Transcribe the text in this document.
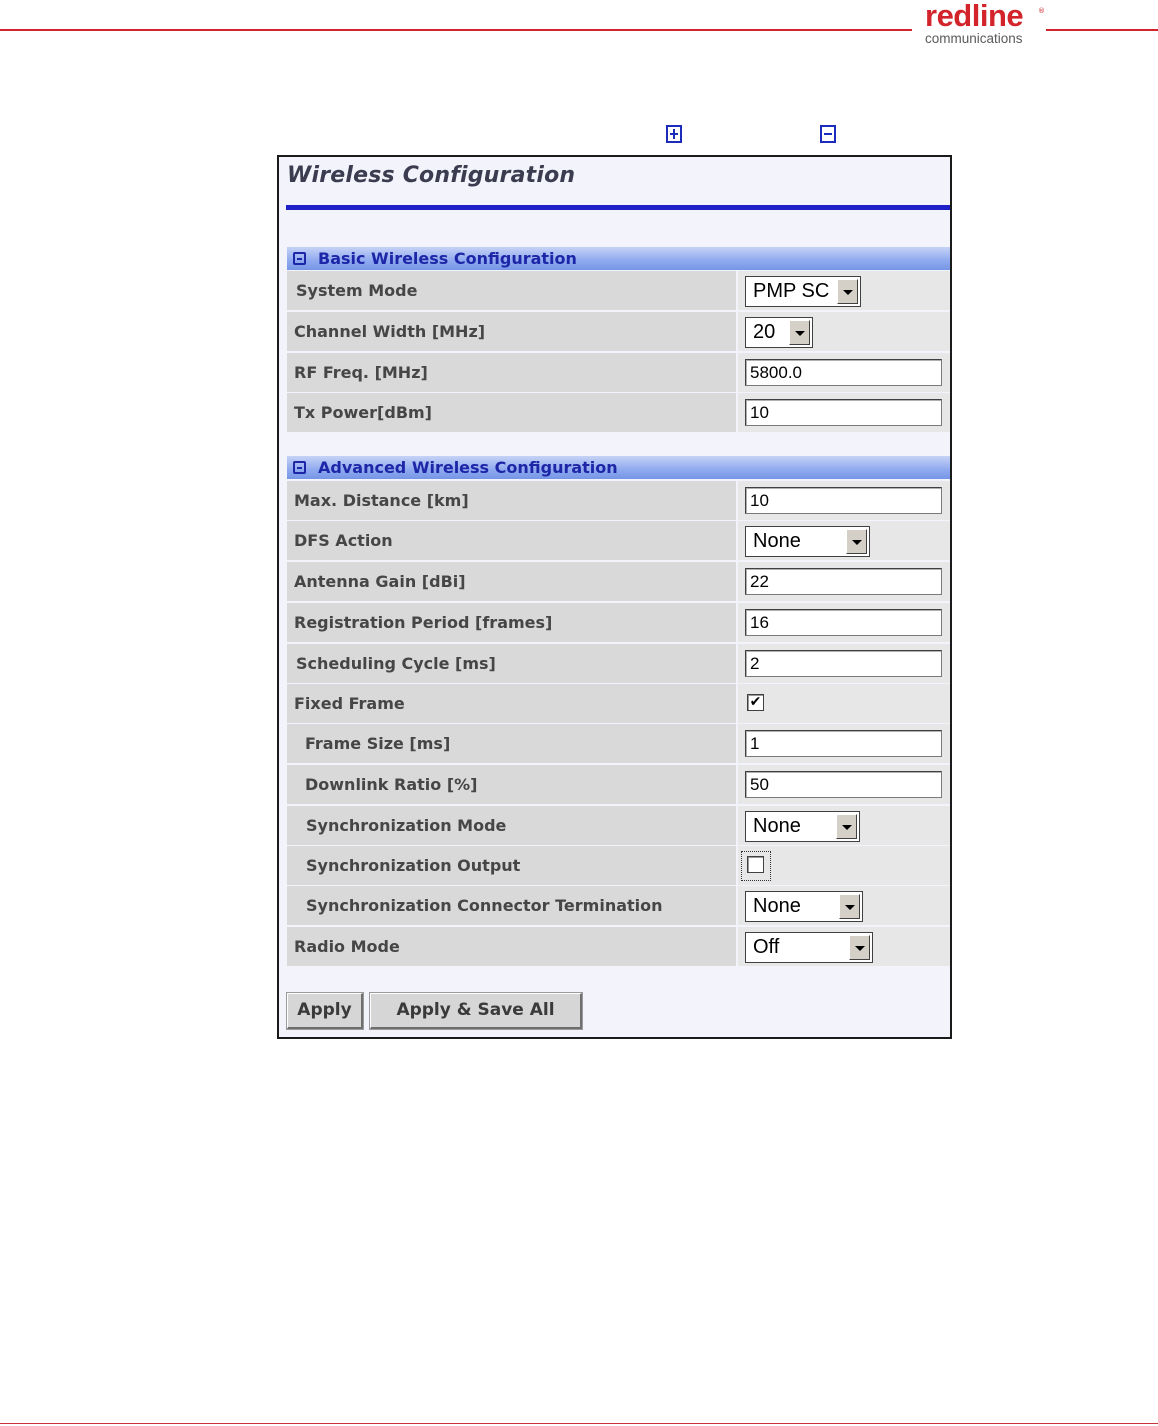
redline	®
communications
Wireless Configuration
Basic Wireless Configuration
System Mode	PMP SC
Channel Width [MHz]	20
RF Freq. [MHz]	5800.0
Tx Power[dBm]	10
Advanced Wireless Configuration
Max. Distance [km]	10
DFS Action	None
Antenna Gain [dBi]	22
Registration Period [frames]	16
Scheduling Cycle [ms]	2
Fixed Frame	✔
Frame Size [ms]	1
Downlink Ratio [%]	50
Synchronization Mode	None
Synchronization Output
Synchronization Connector Termination	None
Radio Mode	Off
Apply	Apply & Save All
